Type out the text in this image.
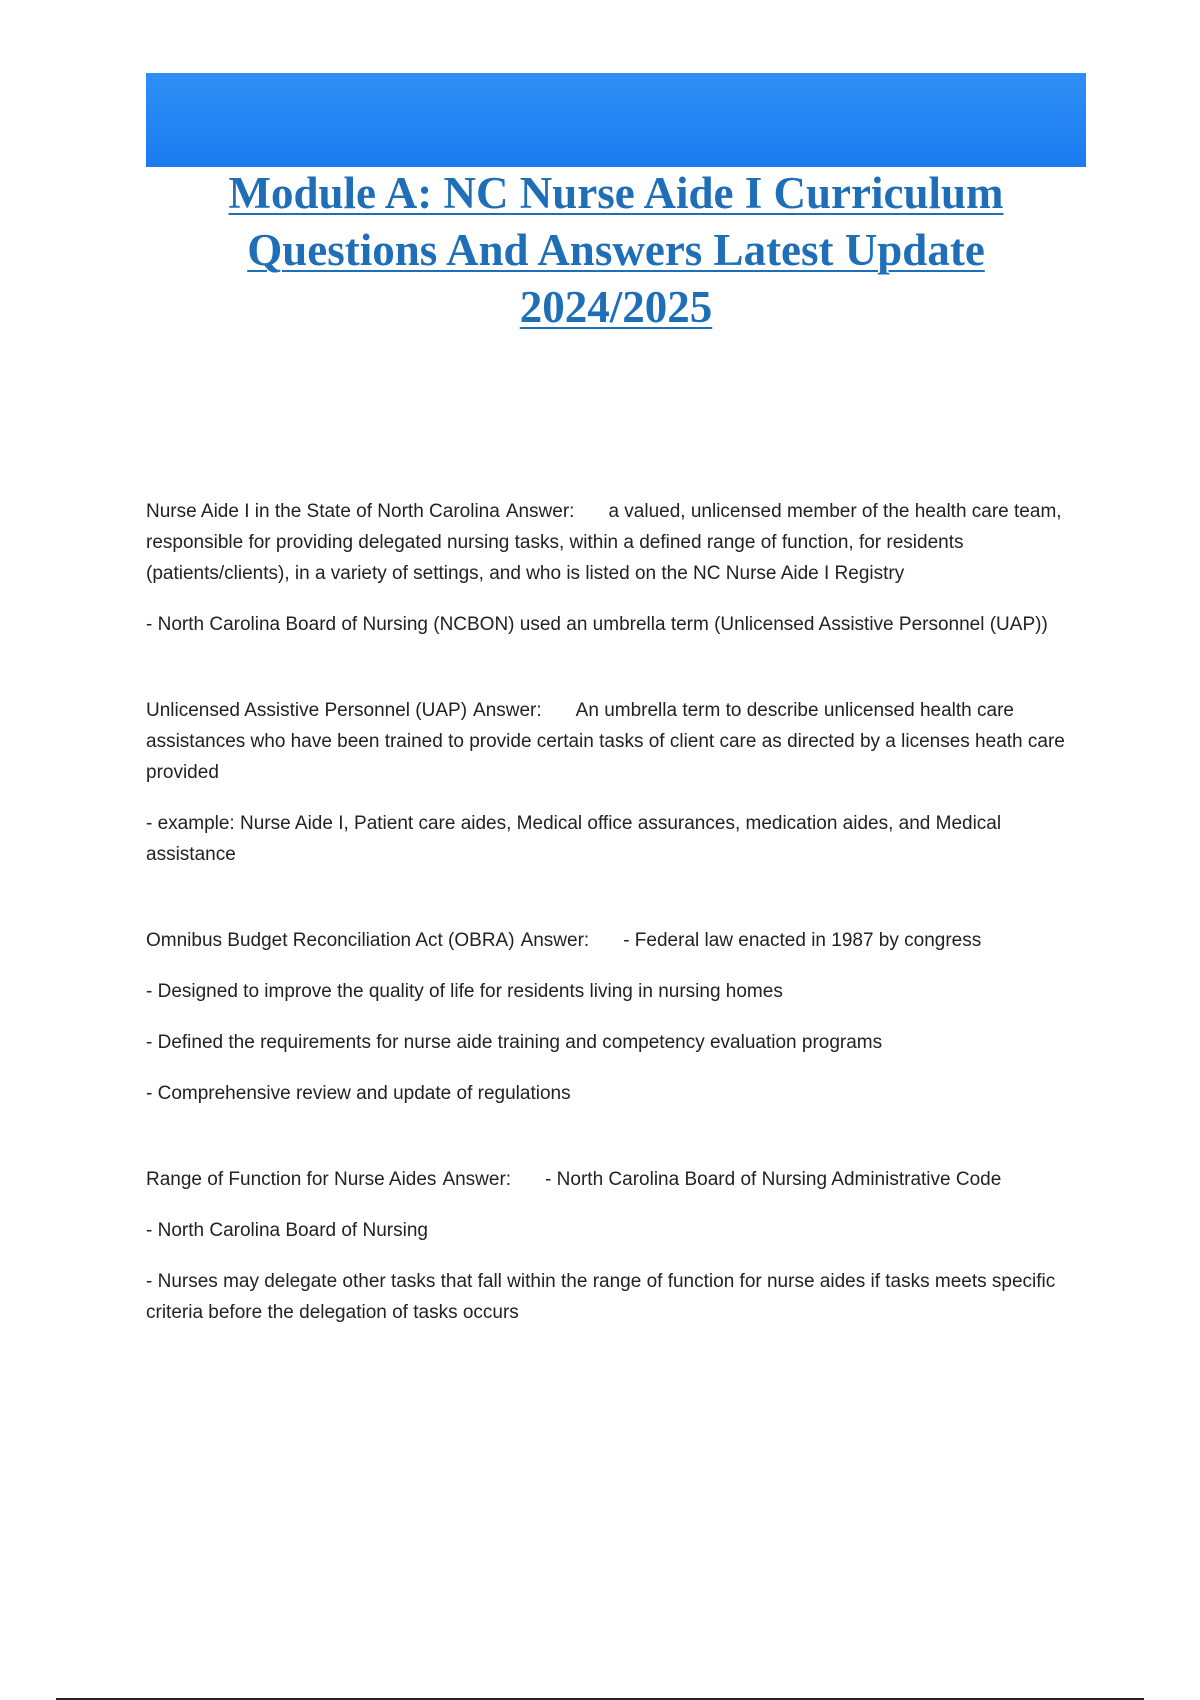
Module A: NC Nurse Aide I Curriculum
Questions And Answers Latest Update
2024/2025

Nurse Aide I in the State of North Carolina Answer: a valued, unlicensed member of the health care team, responsible for providing delegated nursing tasks, within a defined range of function, for residents (patients/clients), in a variety of settings, and who is listed on the NC Nurse Aide I Registry

- North Carolina Board of Nursing (NCBON) used an umbrella term (Unlicensed Assistive Personnel (UAP))

Unlicensed Assistive Personnel (UAP) Answer: An umbrella term to describe unlicensed health care assistances who have been trained to provide certain tasks of client care as directed by a licenses heath care provided

- example: Nurse Aide I, Patient care aides, Medical office assurances, medication aides, and Medical assistance

Omnibus Budget Reconciliation Act (OBRA) Answer: - Federal law enacted in 1987 by congress

- Designed to improve the quality of life for residents living in nursing homes

- Defined the requirements for nurse aide training and competency evaluation programs

- Comprehensive review and update of regulations

Range of Function for Nurse Aides Answer: - North Carolina Board of Nursing Administrative Code

- North Carolina Board of Nursing

- Nurses may delegate other tasks that fall within the range of function for nurse aides if tasks meets specific criteria before the delegation of tasks occurs
